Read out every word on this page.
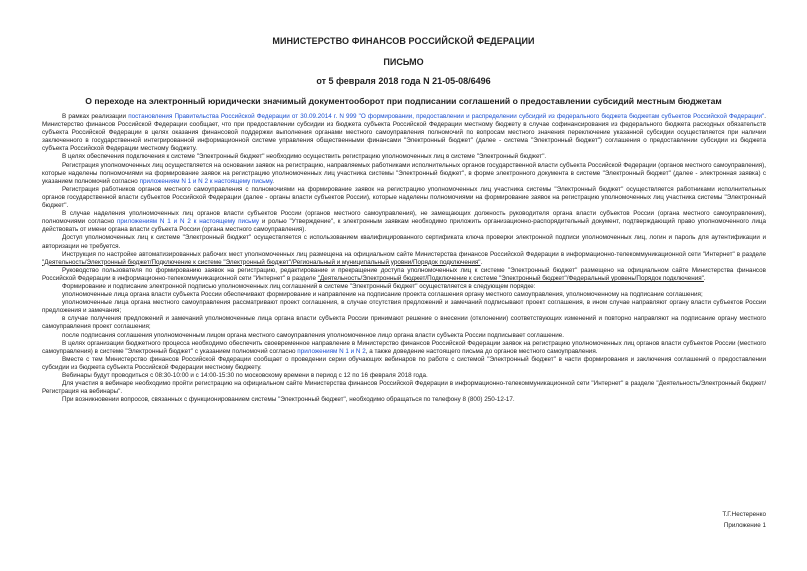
МИНИСТЕРСТВО ФИНАНСОВ РОССИЙСКОЙ ФЕДЕРАЦИИ
ПИСЬМО
от 5 февраля 2018 года N 21-05-08/6496
О переходе на электронный юридически значимый документооборот при подписании соглашений о предоставлении субсидий местным бюджетам

В рамках реализации постановления Правительства Российской Федерации от 30.09.2014 г. N 999 "О формировании, предоставлении и распределении субсидий из федерального бюджета бюджетам субъектов Российской Федерации". Министерство финансов Российской Федерации сообщает, что при предоставлении субсидии из бюджета субъекта Российской Федерации местному бюджету в случае софинансирования из федерального бюджета расходных обязательств субъекта Российской Федерации в целях оказания финансовой поддержки выполнения органами местного самоуправления полномочий по вопросам местного значения переключение указанной субсидии осуществляется при наличии заключенного в государственной интегрированной информационной системе управления общественными финансами "Электронный бюджет" (далее - система "Электронный бюджет") соглашения о предоставлении субсидии из бюджета субъекта Российской Федерации местному бюджету.

В целях обеспечения подключения к системе "Электронный бюджет" необходимо осуществить регистрацию уполномоченных лиц в системе "Электронный бюджет".

Регистрация уполномоченных лиц осуществляется на основании заявок на регистрацию, направляемых работниками исполнительных органов государственной власти субъекта Российской Федерации (органов местного самоуправления), которые наделены полномочиями на формирование заявок на регистрацию уполномоченных лиц участника системы "Электронный бюджет", в форме электронного документа в системе "Электронный бюджет" (далее - электронная заявка) с указанием полномочий согласно приложениям N 1 и N 2 к настоящему письму.

Регистрация работников органов местного самоуправления с полномочиями на формирование заявок на регистрацию уполномоченных лиц участника системы "Электронный бюджет" осуществляется работниками исполнительных органов государственной власти субъектов Российской Федерации (далее - органы власти субъектов России), которые наделены полномочиями на формирование заявок на регистрацию уполномоченных лиц участника системы "Электронный бюджет".

В случае наделения уполномоченных лиц органов власти субъектов России (органов местного самоуправления), не замещающих должность руководителя органа власти субъектов России (органа местного самоуправления), полномочиями согласно приложениям N 1 и N 2 к настоящему письму и ролью "Утверждение", к электронным заявкам необходимо приложить организационно-распорядительный документ, подтверждающий право уполномоченного лица действовать от имени органа власти субъекта России (органа местного самоуправления).

Доступ уполномоченных лиц к системе "Электронный бюджет" осуществляется с использованием квалифицированного сертификата ключа проверки электронной подписи уполномоченных лиц, логин и пароль для аутентификации и авторизации не требуется.

Инструкция по настройке автоматизированных рабочих мест уполномоченных лиц размещена на официальном сайте Министерства финансов Российской Федерации в информационно-телекоммуникационной сети "Интернет" в разделе "Деятельность/Электронный бюджет/Подключение к системе "Электронный бюджет"/Региональный и муниципальный уровни/Порядок подключения".

Руководство пользователя по формированию заявок на регистрацию, редактирование и прекращение доступа уполномоченных лиц к системе "Электронный бюджет" размещено на официальном сайте Министерства финансов Российской Федерации в информационно-телекоммуникационной сети "Интернет" в разделе "Деятельность/Электронный бюджет/Подключение к системе "Электронный бюджет"/Федеральный уровень/Порядок подключения".

Формирование и подписание электронной подписью уполномоченных лиц соглашений в системе "Электронный бюджет" осуществляется в следующем порядке:

уполномоченные лица органа власти субъекта России обеспечивают формирование и направление на подписание проекта соглашения органу местного самоуправления, уполномоченному на подписание соглашения;

уполномоченные лица органа местного самоуправления рассматривают проект соглашения, в случае отсутствия предложений и замечаний подписывают проект соглашения, в ином случае направляют органу власти субъектов России предложения и замечания;

в случае получения предложений и замечаний уполномоченные лица органа власти субъекта России принимают решение о внесении (отклонении) соответствующих изменений и повторно направляют на подписание органу местного самоуправления проект соглашения;

после подписания соглашения уполномоченным лицом органа местного самоуправления уполномоченное лицо органа власти субъекта России подписывает соглашение.

В целях организации бюджетного процесса необходимо обеспечить своевременное направление в Министерство финансов Российской Федерации заявок на регистрацию уполномоченных лиц органов власти субъектов России (местного самоуправления) в системе "Электронный бюджет" с указанием полномочий согласно приложениям N 1 и N 2, а также доведение настоящего письма до органов местного самоуправления.

Вместе с тем Министерство финансов Российской Федерации сообщает о проведении серии обучающих вебинаров по работе с системой "Электронный бюджет" в части формирования и заключения соглашений о предоставлении субсидии из бюджета субъекта Российской Федерации местному бюджету.

Вебинары будут проводиться с 08:30-10:00 и с 14:00-15:30 по московскому времени в период с 12 по 16 февраля 2018 года.

Для участия в вебинаре необходимо пройти регистрацию на официальном сайте Министерства финансов Российской Федерации в информационно-телекоммуникационной сети "Интернет" в разделе "Деятельность/Электронный бюджет/Регистрация на вебинары".

При возникновении вопросов, связанных с функционированием системы "Электронный бюджет", необходимо обращаться по телефону 8 (800) 250-12-17.

Т.Г.Нестеренко
Приложение 1
